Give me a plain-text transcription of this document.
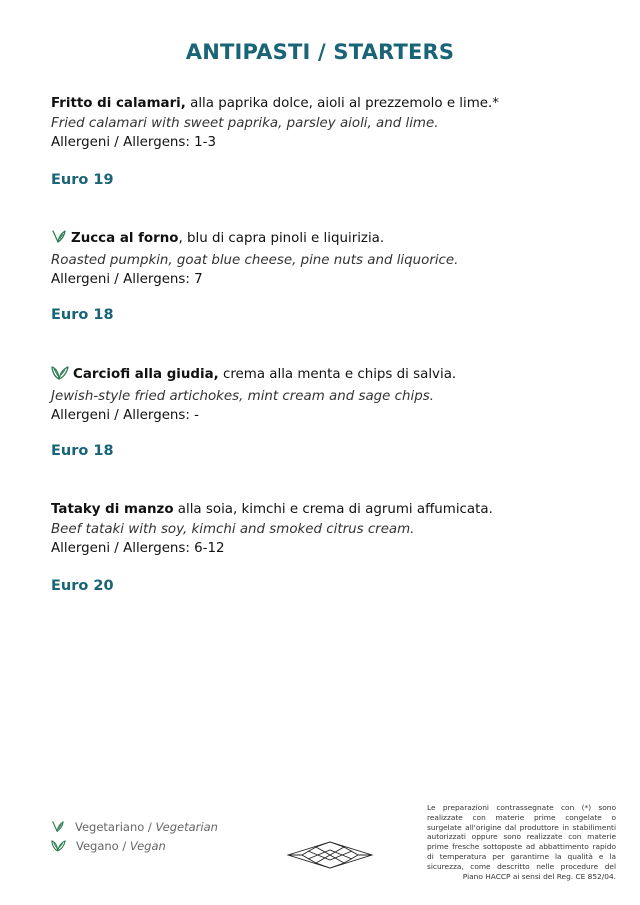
ANTIPASTI / STARTERS
Fritto di calamari, alla paprika dolce, aioli al prezzemolo e lime.*
Fried calamari with sweet paprika, parsley aioli, and lime.
Allergeni / Allergens: 1-3
Euro 19
Zucca al forno, blu di capra pinoli e liquirizia.
Roasted pumpkin, goat blue cheese, pine nuts and liquorice.
Allergeni / Allergens: 7
Euro 18
Carciofi alla giudia, crema alla menta e chips di salvia.
Jewish-style fried artichokes, mint cream and sage chips.
Allergeni / Allergens: -
Euro 18
Tataky di manzo alla soia, kimchi e crema di agrumi affumicata.
Beef tataki with soy, kimchi and smoked citrus cream.
Allergeni / Allergens: 6-12
Euro 20
Vegetariano / Vegetarian
Vegano / Vegan
Le preparazioni contrassegnate con (*) sono realizzate con materie prime congelate o surgelate all'origine dal produttore in stabilimenti autorizzati oppure sono realizzate con materie prime fresche sottoposte ad abbattimento rapido di temperatura per garantirne la qualità e la sicurezza, come descritto nelle procedure del Piano HACCP ai sensi del Reg. CE 852/04.
